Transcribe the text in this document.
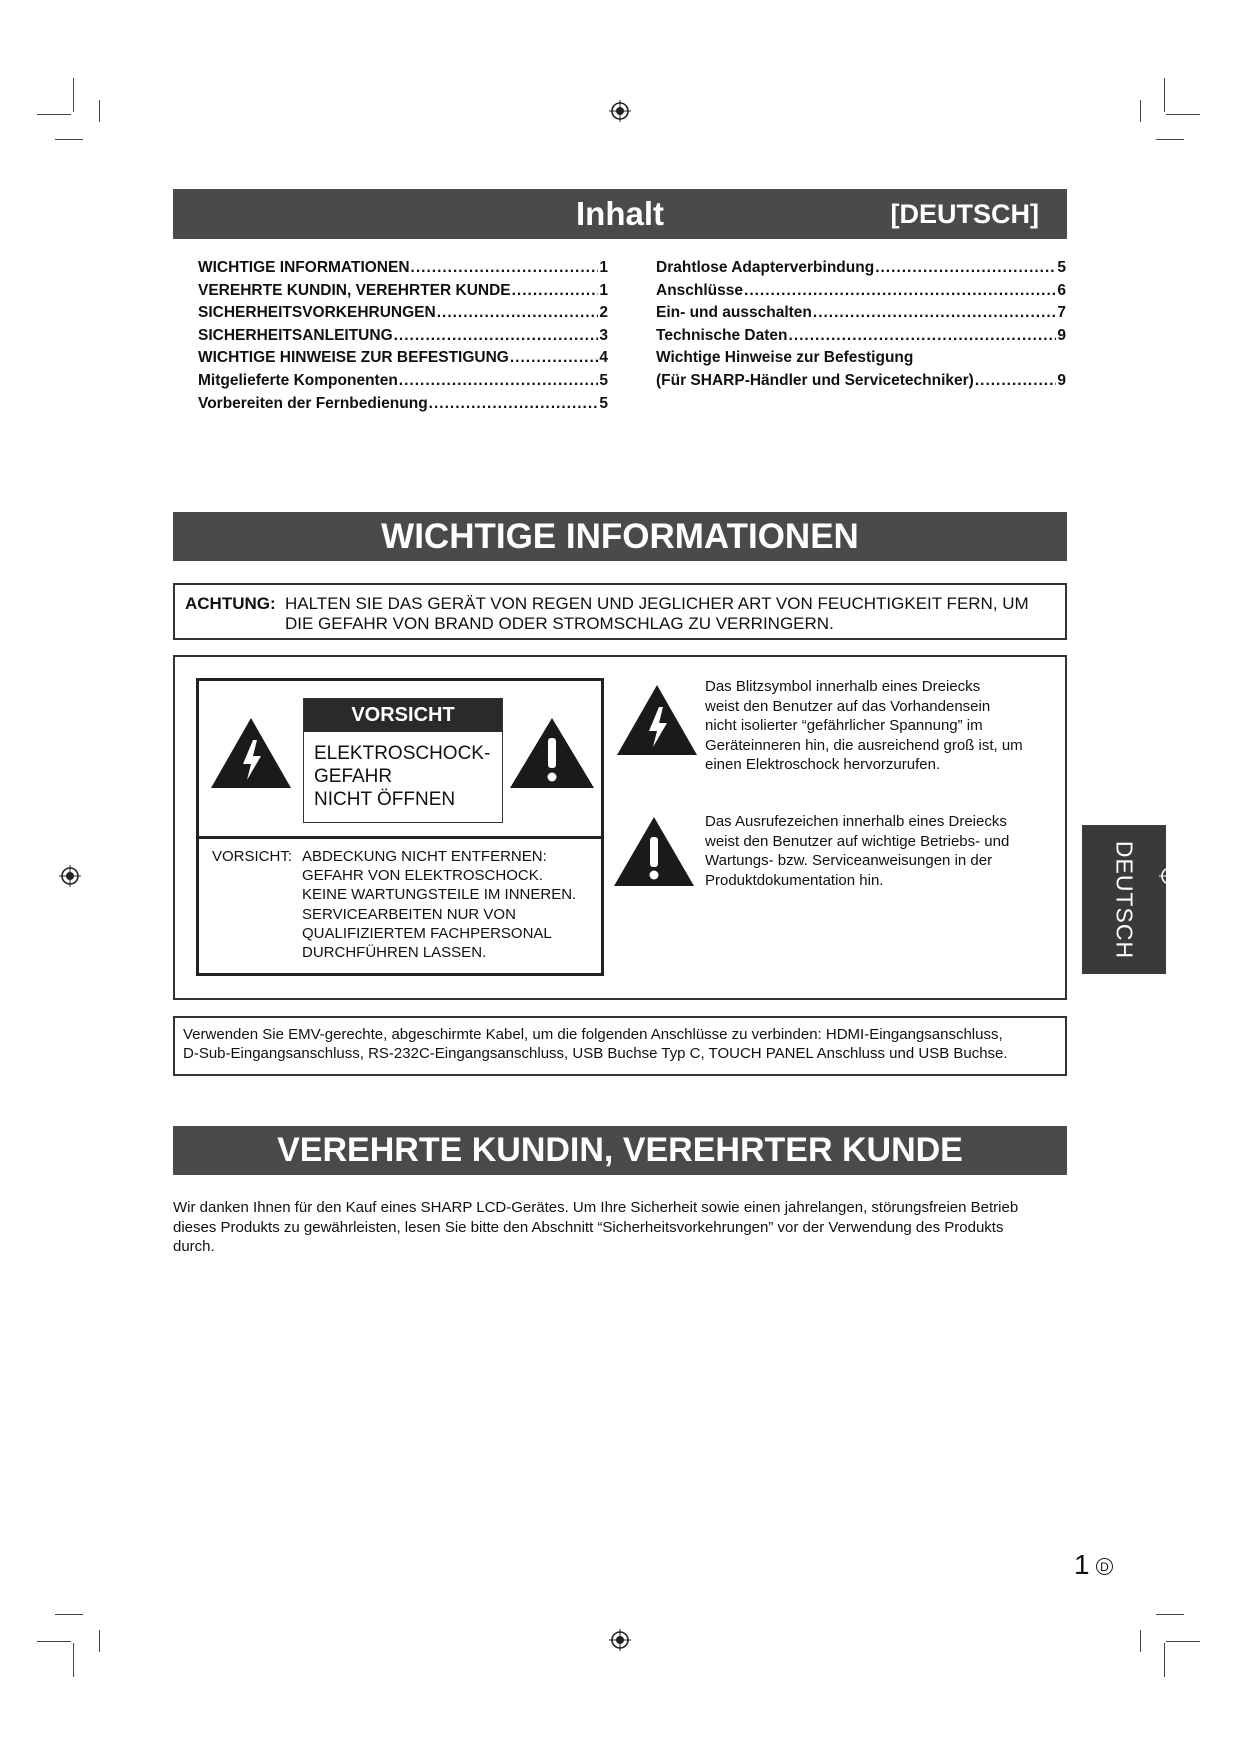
Inhalt	[DEUTSCH]
WICHTIGE INFORMATIONEN .....	1
VEREHRTE KUNDIN, VEREHRTER KUNDE .....	1
SICHERHEITSVORKEHRUNGEN .....	2
SICHERHEITSANLEITUNG .....	3
WICHTIGE HINWEISE ZUR BEFESTIGUNG .....	4
Mitgelieferte Komponenten .....	5
Vorbereiten der Fernbedienung .....	5
Drahtlose Adapterverbindung .....	5
Anschlüsse .....	6
Ein- und ausschalten .....	7
Technische Daten .....	9
Wichtige Hinweise zur Befestigung
(Für SHARP-Händler und Servicetechniker) .....	9
WICHTIGE INFORMATIONEN
ACHTUNG: HALTEN SIE DAS GERÄT VON REGEN UND JEGLICHER ART VON FEUCHTIGKEIT FERN, UM
DIE GEFAHR VON BRAND ODER STROMSCHLAG ZU VERRINGERN.
VORSICHT
ELEKTROSCHOCK-
GEFAHR
NICHT ÖFFNEN
VORSICHT: ABDECKUNG NICHT ENTFERNEN:
GEFAHR VON ELEKTROSCHOCK.
KEINE WARTUNGSTEILE IM INNEREN.
SERVICEARBEITEN NUR VON
QUALIFIZIERTEM FACHPERSONAL
DURCHFÜHREN LASSEN.
Das Blitzsymbol innerhalb eines Dreiecks
weist den Benutzer auf das Vorhandensein
nicht isolierter “gefährlicher Spannung” im
Geräteinneren hin, die ausreichend groß ist, um
einen Elektroschock hervorzurufen.
Das Ausrufezeichen innerhalb eines Dreiecks
weist den Benutzer auf wichtige Betriebs- und
Wartungs- bzw. Serviceanweisungen in der
Produktdokumentation hin.
Verwenden Sie EMV-gerechte, abgeschirmte Kabel, um die folgenden Anschlüsse zu verbinden: HDMI-Eingangsanschluss,
D-Sub-Eingangsanschluss, RS-232C-Eingangsanschluss, USB Buchse Typ C, TOUCH PANEL Anschluss und USB Buchse.
VEREHRTE KUNDIN, VEREHRTER KUNDE
Wir danken Ihnen für den Kauf eines SHARP LCD-Gerätes. Um Ihre Sicherheit sowie einen jahrelangen, störungsfreien Betrieb
dieses Produkts zu gewährleisten, lesen Sie bitte den Abschnitt “Sicherheitsvorkehrungen” vor der Verwendung des Produkts
durch.
DEUTSCH
1 D
